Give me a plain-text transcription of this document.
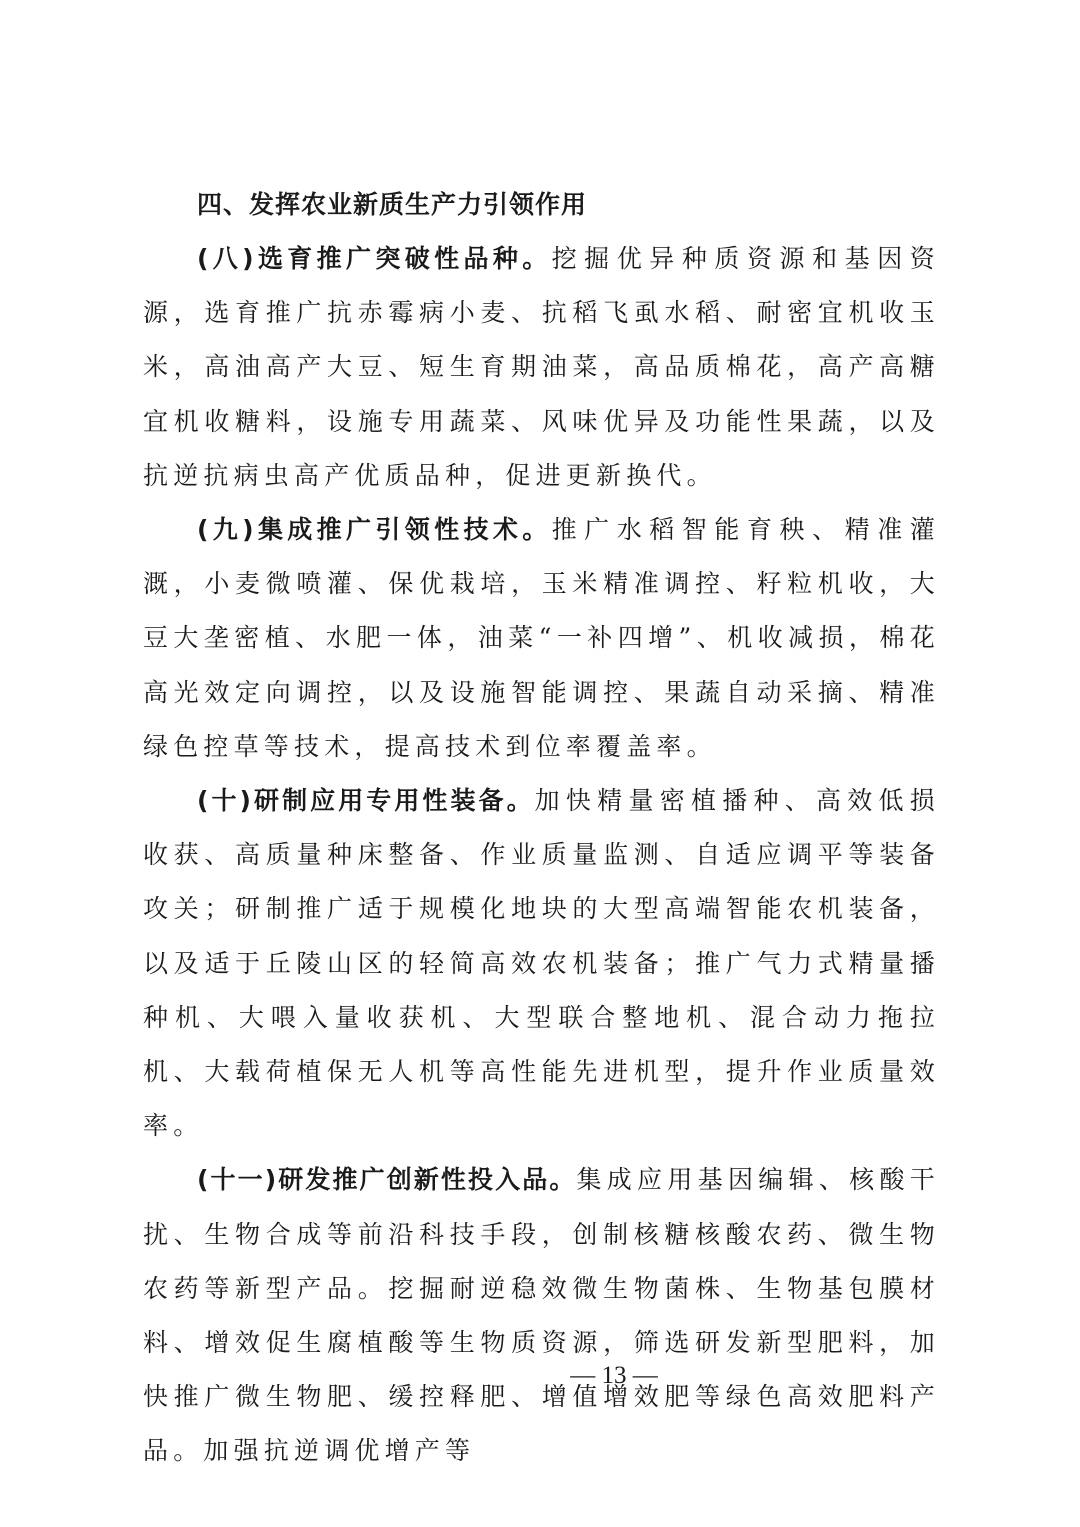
四、发挥农业新质生产力引领作用

(八)选育推广突破性品种。挖掘优异种质资源和基因资源，选育推广抗赤霉病小麦、抗稻飞虱水稻、耐密宜机收玉米，高油高产大豆、短生育期油菜，高品质棉花，高产高糖宜机收糖料，设施专用蔬菜、风味优异及功能性果蔬，以及抗逆抗病虫高产优质品种，促进更新换代。

(九)集成推广引领性技术。推广水稻智能育秧、精准灌溉，小麦微喷灌、保优栽培，玉米精准调控、籽粒机收，大豆大垄密植、水肥一体，油菜“一补四增”、机收减损，棉花高光效定向调控，以及设施智能调控、果蔬自动采摘、精准绿色控草等技术，提高技术到位率覆盖率。

(十)研制应用专用性装备。加快精量密植播种、高效低损收获、高质量种床整备、作业质量监测、自适应调平等装备攻关；研制推广适于规模化地块的大型高端智能农机装备，以及适于丘陵山区的轻简高效农机装备；推广气力式精量播种机、大喂入量收获机、大型联合整地机、混合动力拖拉机、大载荷植保无人机等高性能先进机型，提升作业质量效率。

(十一)研发推广创新性投入品。集成应用基因编辑、核酸干扰、生物合成等前沿科技手段，创制核糖核酸农药、微生物农药等新型产品。挖掘耐逆稳效微生物菌株、生物基包膜材料、增效促生腐植酸等生物质资源，筛选研发新型肥料，加快推广微生物肥、缓控释肥、增值增效肥等绿色高效肥料产品。加强抗逆调优增产等

— 13 —
